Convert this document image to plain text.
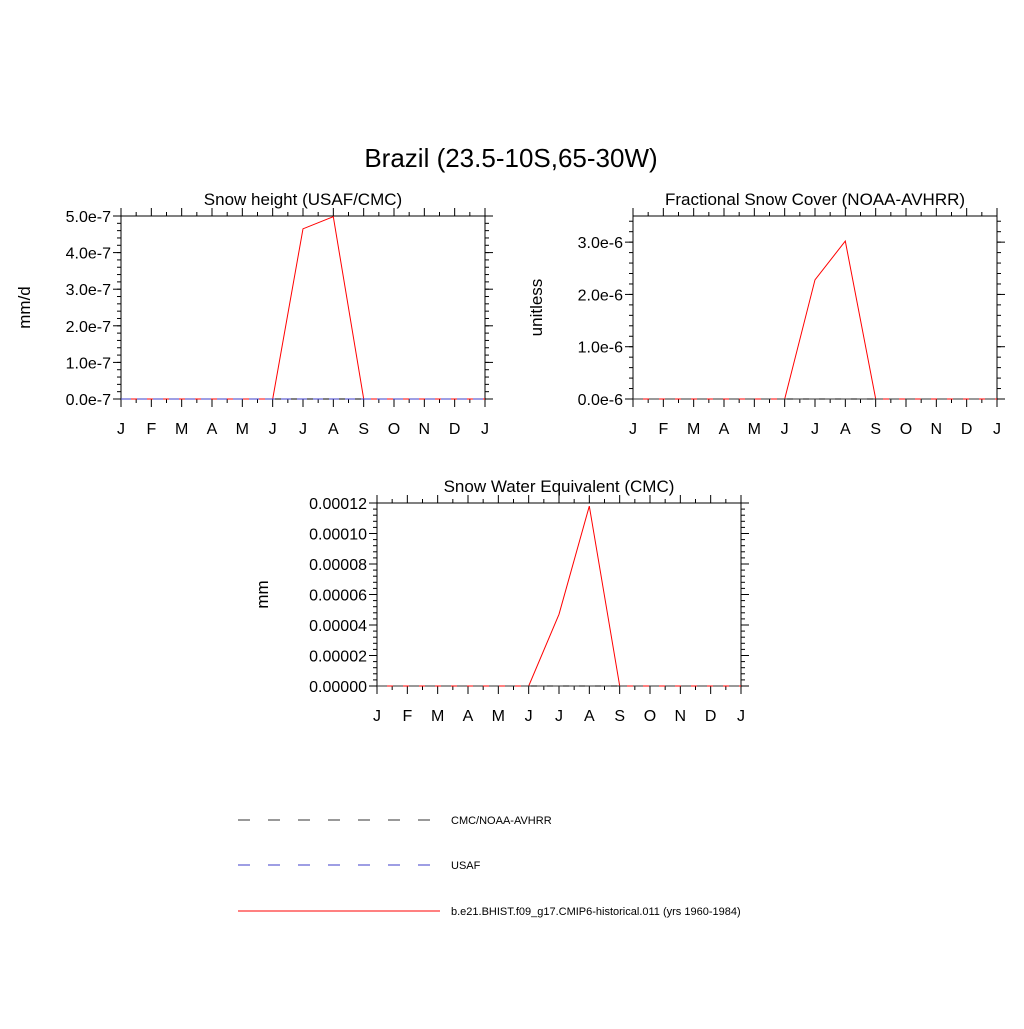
Brazil (23.5-10S,65-30W)
Snow height (USAF/CMC)
mm/d
J F M A M J J A S O N D J
0.0e-7
1.0e-7
2.0e-7
3.0e-7
4.0e-7
5.0e-7
Fractional Snow Cover (NOAA-AVHRR)
unitless
J F M A M J J A S O N D J
0.0e-6
1.0e-6
2.0e-6
3.0e-6
Snow Water Equivalent (CMC)
mm
J F M A M J J A S O N D J
0.00000
0.00002
0.00004
0.00006
0.00008
0.00010
0.00012
CMC/NOAA-AVHRR
USAF
b.e21.BHIST.f09_g17.CMIP6-historical.011 (yrs 1960-1984)
